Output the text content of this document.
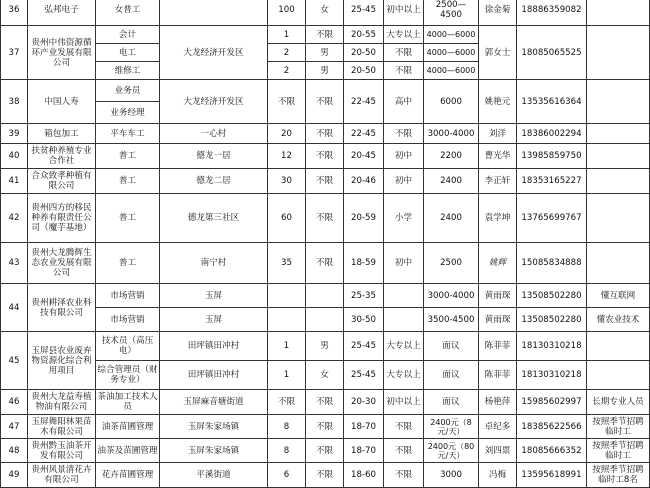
36	弘邦电子	女普工		100	女	25-45	初中以上	2500—4500	徐金菊	18886359082	
37	贵州中伟资源循环产业发展有限公司	会计	大龙经济开发区	1	不限	20-55	大专以上	4000—6000	郭女士	18085065525	
		电工		2	男	20-50	不限	4000—6000			
		维修工		2	男	20-50	不限	4000—6000			
38	中国人寿	业务员	大龙经济开发区	不限	不限	22-45	高中	6000	姚艳元	13535616364	
		业务经理									
39	箱包加工	平车车工	一心村	20	不限	22-45	不限	3000-4000	刘洋	18386002294	
40	扶贫种养殖专业合作社	普工	德龙一居	12	不限	20-45	初中	2200	曹光华	13985859750	
41	合众致孝种植有限公司	普工	德龙二居	30	不限	20-46	初中	2400	李正轩	18353165227	
42	贵州四方的移民种养有限责任公司（魔芋基地）	普工	德龙第三社区	60	不限	20-59	小学	2400	袁学坤	13765699767	
43	贵州大龙腾辉生态农业发展有限公司	普工	南宁村	35	不限	18-59	初中	2500	姚辉	15085834888	
44	贵州耕泽农业科技有限公司	市场营销	玉屏			25-35		3000-4000	黄雨琛	13508502280	懂互联网
		市场营销	玉屏			30-50		3500-4500	黄雨琛	13508502280	懂农业技术
45	玉屏县农业废弃物资源化综合利用项目	技术员（高压电）	田坪镇田冲村	1	男	25-45	大专以上	面议	陈菲菲	18130310218	
		综合管理员（财务专业）	田坪镇田冲村	1	女	25-45	大专以上	面议	陈菲菲	18130310218	
46	贵州大龙益寿植物油有限公司	茶油加工技术人员	玉屏麻音塘街道	不限	不限	20-30	初中以上	面议	杨艳萍	15985602997	长期专业人员
47	玉屏舞阳林果苗木有限公司	油茶苗圃管理	玉屏朱家场镇	8	不限	18-70	不限	2400元（8元/天）	卓纪多	18385622566	按照季节招聘临时工
48	贵州黔玉油茶开发有限公司	油茶及苗圃管理	玉屏朱家场镇	8	不限	18-70	不限	2400元（80元/天）	刘四票	18085666352	按照季节招聘临时工
49	贵州风景清花卉有限公司	花卉苗圃管理	平溪街道	6	不限	18-60	不限	3000	冯梅	13595618991	按照季节招聘临时工8名
